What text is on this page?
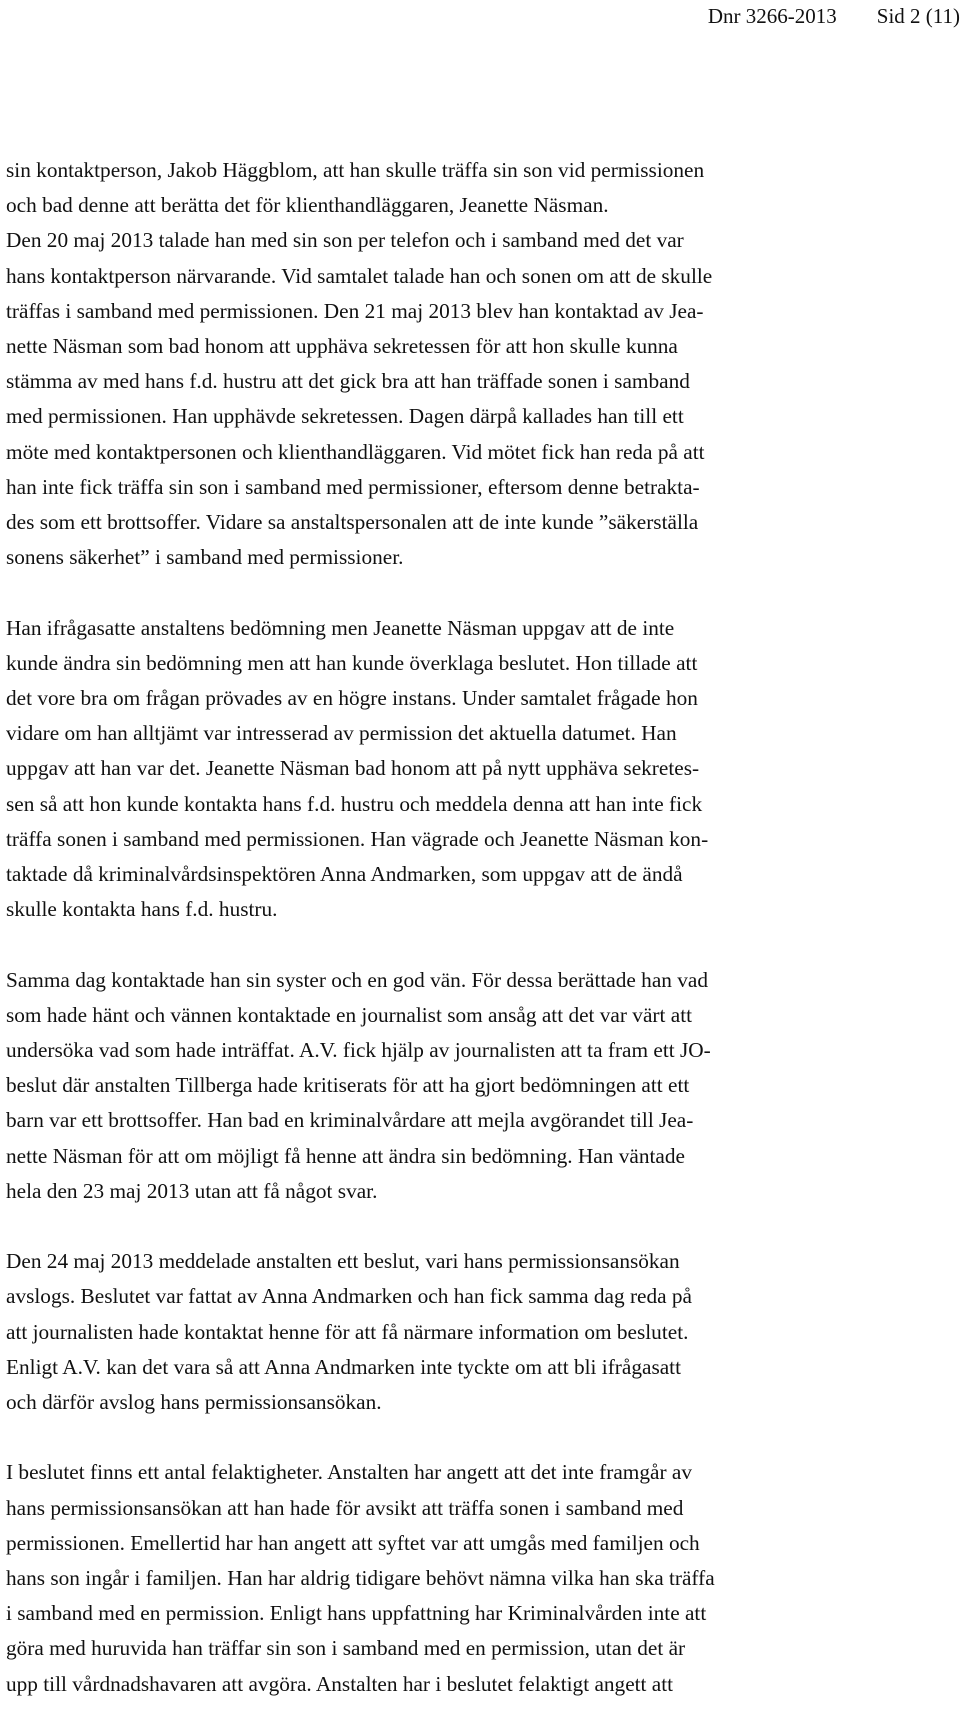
Dnr 3266-2013 Sid 2 (11)
sin kontaktperson, Jakob Häggblom, att han skulle träffa sin son vid permissionen
och bad denne att berätta det för klienthandläggaren, Jeanette Näsman.
Den 20 maj 2013 talade han med sin son per telefon och i samband med det var
hans kontaktperson närvarande. Vid samtalet talade han och sonen om att de skulle
träffas i samband med permissionen. Den 21 maj 2013 blev han kontaktad av Jea-
nette Näsman som bad honom att upphäva sekretessen för att hon skulle kunna
stämma av med hans f.d. hustru att det gick bra att han träffade sonen i samband
med permissionen. Han upphävde sekretessen. Dagen därpå kallades han till ett
möte med kontaktpersonen och klienthandläggaren. Vid mötet fick han reda på att
han inte fick träffa sin son i samband med permissioner, eftersom denne betrakta-
des som ett brottsoffer. Vidare sa anstaltspersonalen att de inte kunde ”säkerställa
sonens säkerhet” i samband med permissioner.
Han ifrågasatte anstaltens bedömning men Jeanette Näsman uppgav att de inte
kunde ändra sin bedömning men att han kunde överklaga beslutet. Hon tillade att
det vore bra om frågan prövades av en högre instans. Under samtalet frågade hon
vidare om han alltjämt var intresserad av permission det aktuella datumet. Han
uppgav att han var det. Jeanette Näsman bad honom att på nytt upphäva sekretes-
sen så att hon kunde kontakta hans f.d. hustru och meddela denna att han inte fick
träffa sonen i samband med permissionen. Han vägrade och Jeanette Näsman kon-
taktade då kriminalvårdsinspektören Anna Andmarken, som uppgav att de ändå
skulle kontakta hans f.d. hustru.
Samma dag kontaktade han sin syster och en god vän. För dessa berättade han vad
som hade hänt och vännen kontaktade en journalist som ansåg att det var värt att
undersöka vad som hade inträffat. A.V. fick hjälp av journalisten att ta fram ett JO-
beslut där anstalten Tillberga hade kritiserats för att ha gjort bedömningen att ett
barn var ett brottsoffer. Han bad en kriminalvårdare att mejla avgörandet till Jea-
nette Näsman för att om möjligt få henne att ändra sin bedömning. Han väntade
hela den 23 maj 2013 utan att få något svar.
Den 24 maj 2013 meddelade anstalten ett beslut, vari hans permissionsansökan
avslogs. Beslutet var fattat av Anna Andmarken och han fick samma dag reda på
att journalisten hade kontaktat henne för att få närmare information om beslutet.
Enligt A.V. kan det vara så att Anna Andmarken inte tyckte om att bli ifrågasatt
och därför avslog hans permissionsansökan.
I beslutet finns ett antal felaktigheter. Anstalten har angett att det inte framgår av
hans permissionsansökan att han hade för avsikt att träffa sonen i samband med
permissionen. Emellertid har han angett att syftet var att umgås med familjen och
hans son ingår i familjen. Han har aldrig tidigare behövt nämna vilka han ska träffa
i samband med en permission. Enligt hans uppfattning har Kriminalvården inte att
göra med huruvida han träffar sin son i samband med en permission, utan det är
upp till vårdnadshavaren att avgöra. Anstalten har i beslutet felaktigt angett att
